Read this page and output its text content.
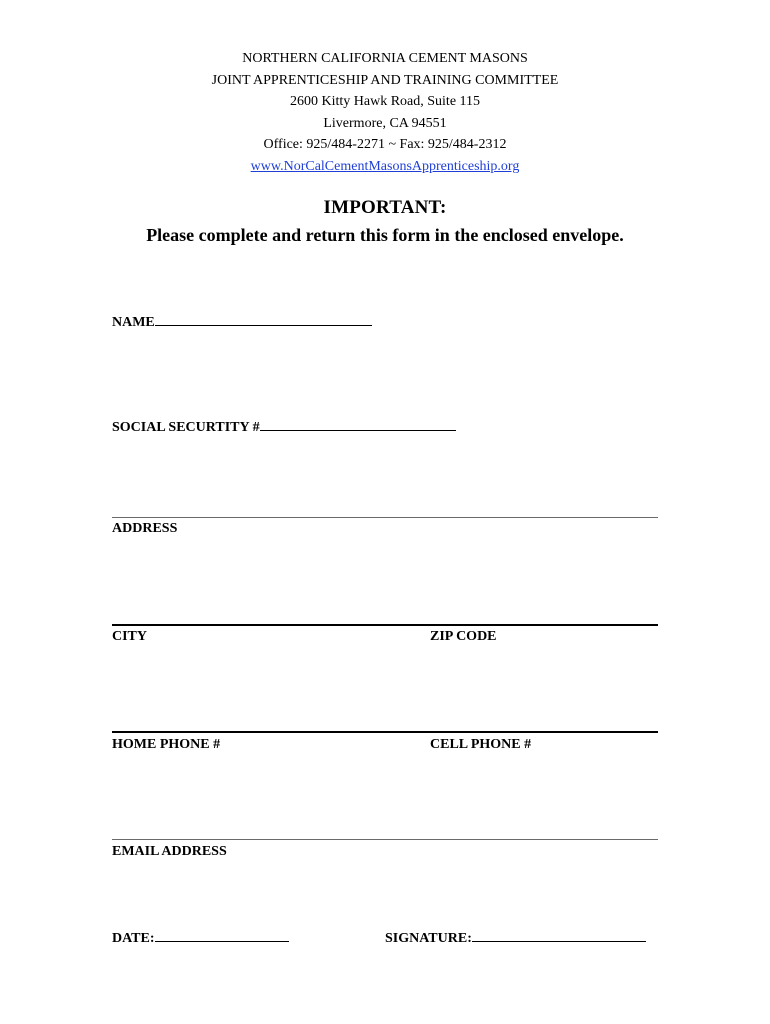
NORTHERN CALIFORNIA CEMENT MASONS
JOINT APPRENTICESHIP AND TRAINING COMMITTEE
2600 Kitty Hawk Road, Suite 115
Livermore, CA 94551
Office: 925/484-2271 ~ Fax: 925/484-2312
www.NorCalCementMasonsApprenticeship.org
IMPORTANT:
Please complete and return this form in the enclosed envelope.
NAME
SOCIAL SECURTITY #
ADDRESS
CITY	ZIP CODE
HOME PHONE #	CELL PHONE #
EMAIL ADDRESS
DATE:	SIGNATURE:
